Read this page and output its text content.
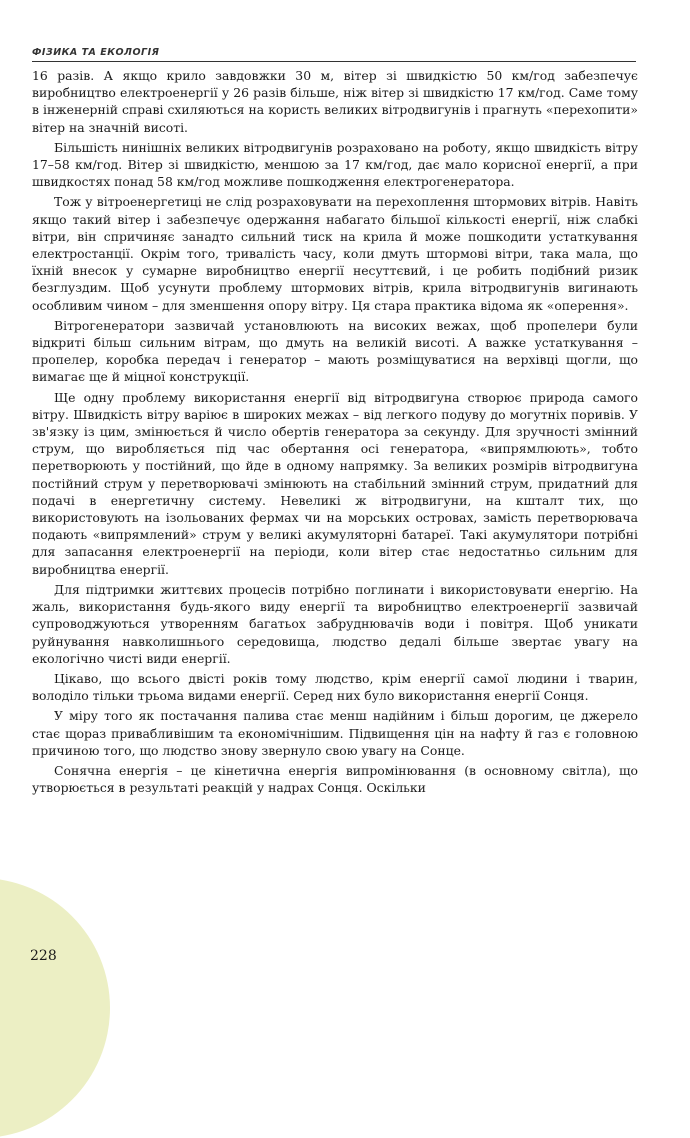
ФІЗИКА ТА ЕКОЛОГІЯ

16 разів. А якщо крило завдовжки 30 м, вітер зі швидкістю 50 км/год забезпечує виробництво електроенергії у 26 разів більше, ніж вітер зі швидкістю 17 км/год. Саме тому в інженерній справі схиляються на користь великих вітродвигунів і прагнуть «перехопити» вітер на значній висоті.

Більшість нинішніх великих вітродвигунів розраховано на роботу, якщо швидкість вітру 17–58 км/год. Вітер зі швидкістю, меншою за 17 км/год, дає мало корисної енергії, а при швидкостях понад 58 км/год можливе пошкодження електрогенератора.

Тож у вітроенергетиці не слід розраховувати на перехоплення штормових вітрів. Навіть якщо такий вітер і забезпечує одержання набагато більшої кількості енергії, ніж слабкі вітри, він спричиняє занадто сильний тиск на крила й може пошкодити устаткування електростанції. Окрім того, тривалість часу, коли дмуть штормові вітри, така мала, що їхній внесок у сумарне виробництво енергії несуттєвий, і це робить подібний ризик безглуздим. Щоб усунути проблему штормових вітрів, крила вітродвигунів вигинають особливим чином – для зменшення опору вітру. Ця стара практика відома як «оперення».

Вітрогенератори зазвичай установлюють на високих вежах, щоб пропелери були відкриті більш сильним вітрам, що дмуть на великій висоті. А важке устаткування – пропелер, коробка передач і генератор – мають розміщуватися на верхівці щогли, що вимагає ще й міцної конструкції.

Ще одну проблему використання енергії від вітродвигуна створює природа самого вітру. Швидкість вітру варіює в широких межах – від легкого подуву до могутніх поривів. У зв'язку із цим, змінюється й число обертів генератора за секунду. Для зручності змінний струм, що виробляється під час обертання осі генератора, «випрямлюють», тобто перетворюють у постійний, що йде в одному напрямку. За великих розмірів вітродвигуна постійний струм у перетворювачі змінюють на стабільний змінний струм, придатний для подачі в енергетичну систему. Невеликі ж вітродвигуни, на кшталт тих, що використовують на ізольованих фермах чи на морських островах, замість перетворювача подають «випрямлений» струм у великі акумуляторні батареї. Такі акумулятори потрібні для запасання електроенергії на періоди, коли вітер стає недостатньо сильним для виробництва енергії.

Для підтримки життєвих процесів потрібно поглинати і використовувати енергію. На жаль, використання будь-якого виду енергії та виробництво електроенергії зазвичай супроводжуються утворенням багатьох забруднювачів води і повітря. Щоб уникати руйнування навколишнього середовища, людство дедалі більше звертає увагу на екологічно чисті види енергії.

Цікаво, що всього двісті років тому людство, крім енергії самої людини і тварин, володіло тільки трьома видами енергії. Серед них було використання енергії Сонця.

У міру того як постачання палива стає менш надійним і більш дорогим, це джерело стає щораз привабливішим та економічнішим. Підвищення цін на нафту й газ є головною причиною того, що людство знову звернуло свою увагу на Сонце.

Сонячна енергія – це кінетична енергія випромінювання (в основному світла), що утворюється в результаті реакцій у надрах Сонця. Оскільки

228
